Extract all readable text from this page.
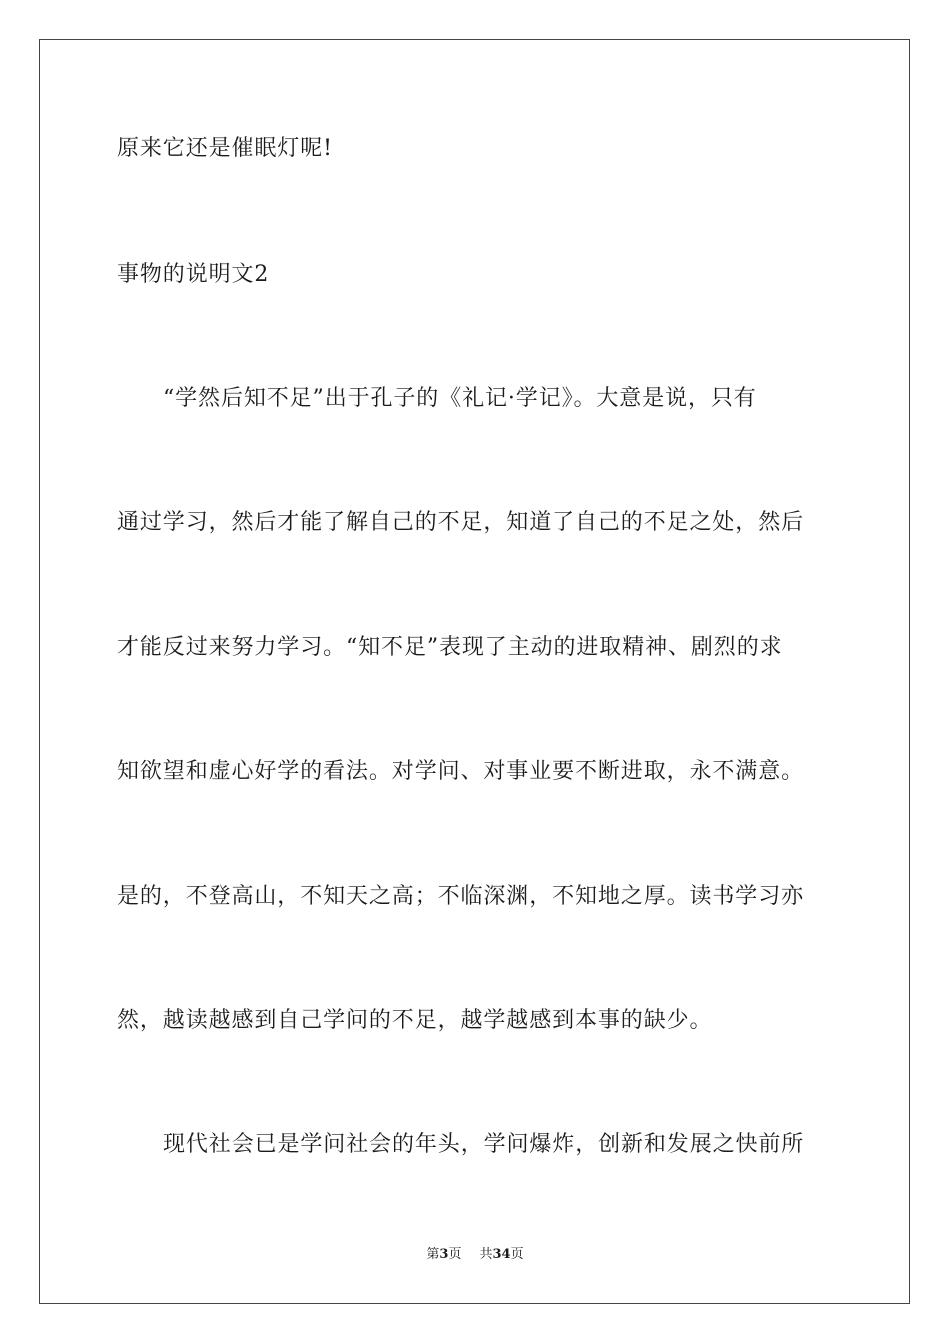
原来它还是催眠灯呢!
事物的说明文2
“学然后知不足”出于孔子的《礼记·学记》。大意是说，只有
通过学习，然后才能了解自己的不足，知道了自己的不足之处，然后
才能反过来努力学习。“知不足”表现了主动的进取精神、剧烈的求
知欲望和虚心好学的看法。对学问、对事业要不断进取，永不满意。
是的，不登高山，不知天之高；不临深渊，不知地之厚。读书学习亦
然，越读越感到自己学问的不足，越学越感到本事的缺少。
现代社会已是学问社会的年头，学问爆炸，创新和发展之快前所
第3页 共34页
